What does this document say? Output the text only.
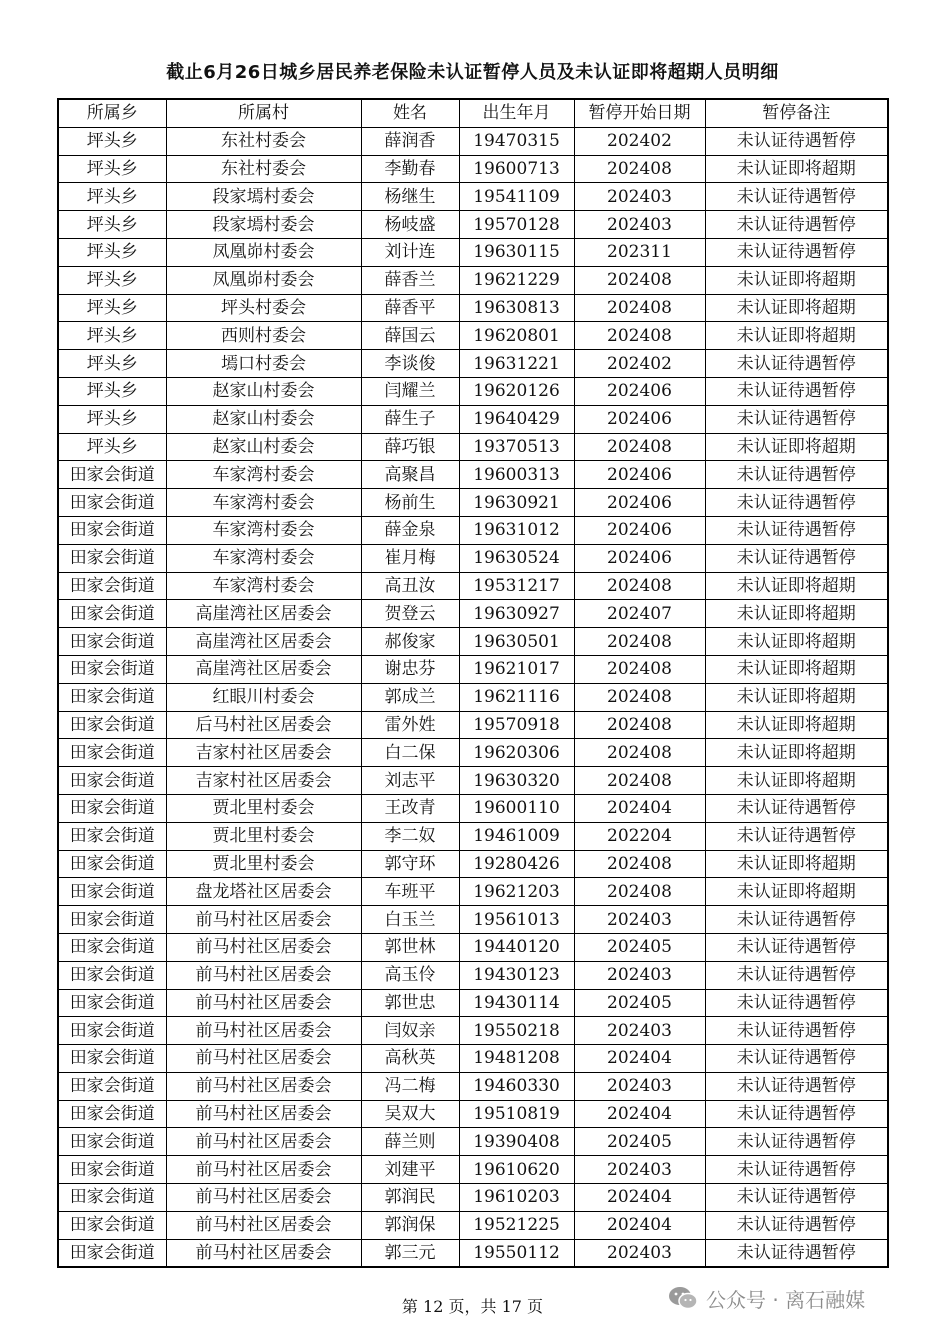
截止6月26日城乡居民养老保险未认证暂停人员及未认证即将超期人员明细
所属乡	所属村	姓名	出生年月	暂停开始日期	暂停备注
坪头乡	东社村委会	薛润香	19470315	202402	未认证待遇暂停
坪头乡	东社村委会	李勤春	19600713	202408	未认证即将超期
坪头乡	段家墕村委会	杨继生	19541109	202403	未认证待遇暂停
坪头乡	段家墕村委会	杨岐盛	19570128	202403	未认证待遇暂停
坪头乡	凤凰峁村委会	刘计连	19630115	202311	未认证待遇暂停
坪头乡	凤凰峁村委会	薛香兰	19621229	202408	未认证即将超期
坪头乡	坪头村委会	薛香平	19630813	202408	未认证即将超期
坪头乡	西则村委会	薛国云	19620801	202408	未认证即将超期
坪头乡	墕口村委会	李谈俊	19631221	202402	未认证待遇暂停
坪头乡	赵家山村委会	闫耀兰	19620126	202406	未认证待遇暂停
坪头乡	赵家山村委会	薛生子	19640429	202406	未认证待遇暂停
坪头乡	赵家山村委会	薛巧银	19370513	202408	未认证即将超期
田家会街道	车家湾村委会	高聚昌	19600313	202406	未认证待遇暂停
田家会街道	车家湾村委会	杨前生	19630921	202406	未认证待遇暂停
田家会街道	车家湾村委会	薛金泉	19631012	202406	未认证待遇暂停
田家会街道	车家湾村委会	崔月梅	19630524	202406	未认证待遇暂停
田家会街道	车家湾村委会	高丑汝	19531217	202408	未认证即将超期
田家会街道	高崖湾社区居委会	贺登云	19630927	202407	未认证即将超期
田家会街道	高崖湾社区居委会	郝俊家	19630501	202408	未认证即将超期
田家会街道	高崖湾社区居委会	谢忠芬	19621017	202408	未认证即将超期
田家会街道	红眼川村委会	郭成兰	19621116	202408	未认证即将超期
田家会街道	后马村社区居委会	雷外姓	19570918	202408	未认证即将超期
田家会街道	吉家村社区居委会	白二保	19620306	202408	未认证即将超期
田家会街道	吉家村社区居委会	刘志平	19630320	202408	未认证即将超期
田家会街道	贾北里村委会	王改青	19600110	202404	未认证待遇暂停
田家会街道	贾北里村委会	李二奴	19461009	202204	未认证待遇暂停
田家会街道	贾北里村委会	郭守环	19280426	202408	未认证即将超期
田家会街道	盘龙塔社区居委会	车班平	19621203	202408	未认证即将超期
田家会街道	前马村社区居委会	白玉兰	19561013	202403	未认证待遇暂停
田家会街道	前马村社区居委会	郭世林	19440120	202405	未认证待遇暂停
田家会街道	前马村社区居委会	高玉伶	19430123	202403	未认证待遇暂停
田家会街道	前马村社区居委会	郭世忠	19430114	202405	未认证待遇暂停
田家会街道	前马村社区居委会	闫奴亲	19550218	202403	未认证待遇暂停
田家会街道	前马村社区居委会	高秋英	19481208	202404	未认证待遇暂停
田家会街道	前马村社区居委会	冯二梅	19460330	202403	未认证待遇暂停
田家会街道	前马村社区居委会	吴双大	19510819	202404	未认证待遇暂停
田家会街道	前马村社区居委会	薛兰则	19390408	202405	未认证待遇暂停
田家会街道	前马村社区居委会	刘建平	19610620	202403	未认证待遇暂停
田家会街道	前马村社区居委会	郭润民	19610203	202404	未认证待遇暂停
田家会街道	前马村社区居委会	郭润保	19521225	202404	未认证待遇暂停
田家会街道	前马村社区居委会	郭三元	19550112	202403	未认证待遇暂停
第 12 页，共 17 页	公众号 · 离石融媒
